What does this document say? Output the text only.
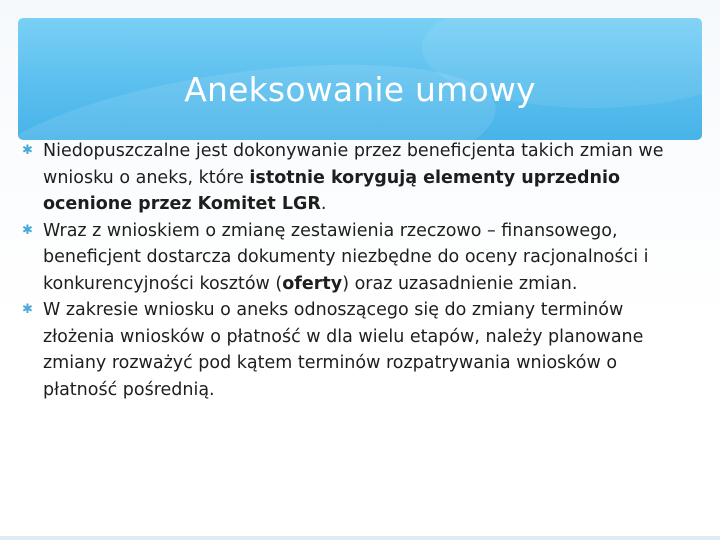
Aneksowanie umowy
✱ Niedopuszczalne jest dokonywanie przez beneficjenta takich zmian we wniosku o aneks, które istotnie korygują elementy uprzednio ocenione przez Komitet LGR.
✱ Wraz z wnioskiem o zmianę zestawienia rzeczowo – finansowego, beneficjent dostarcza dokumenty niezbędne do oceny racjonalności i konkurencyjności kosztów (oferty) oraz uzasadnienie zmian.
✱ W zakresie wniosku o aneks odnoszącego się do zmiany terminów złożenia wniosków o płatność w dla wielu etapów, należy planowane zmiany rozważyć pod kątem terminów rozpatrywania wniosków o płatność pośrednią.
